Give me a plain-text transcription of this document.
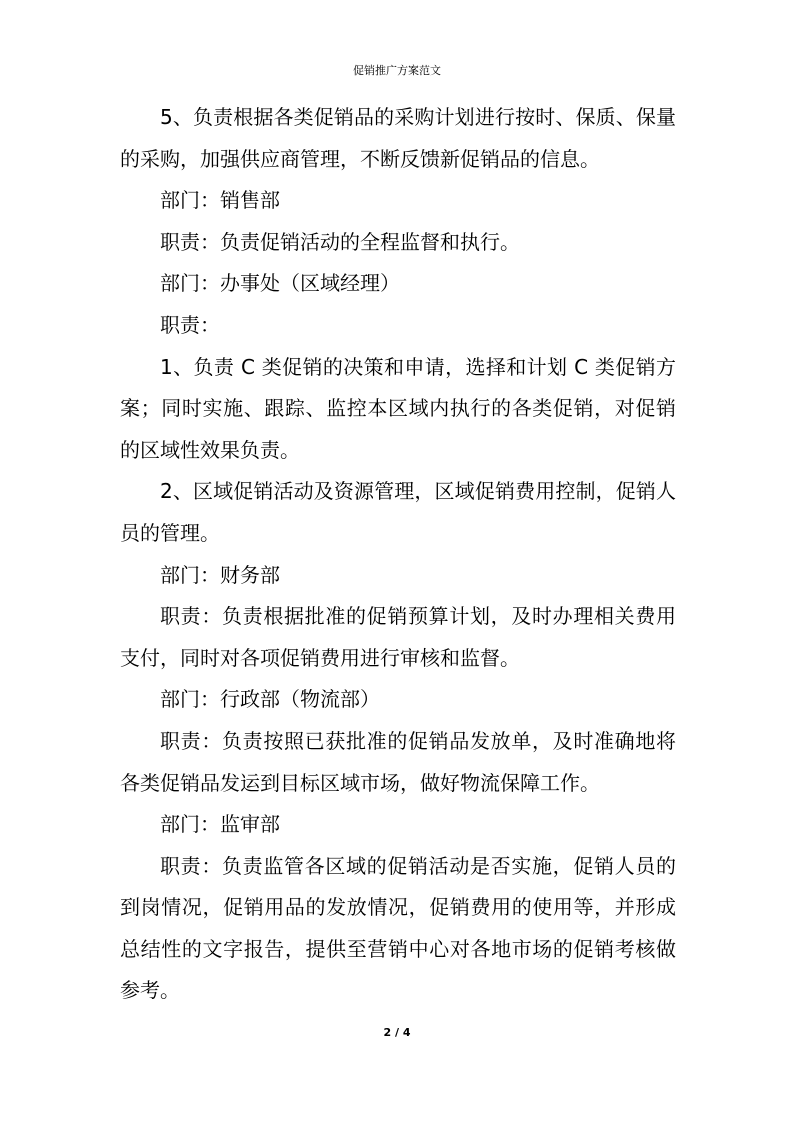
促销推广方案范文

5、负责根据各类促销品的采购计划进行按时、保质、保量的采购，加强供应商管理，不断反馈新促销品的信息。

部门：销售部

职责：负责促销活动的全程监督和执行。

部门：办事处（区域经理）

职责：

1、负责 C 类促销的决策和申请，选择和计划 C 类促销方案；同时实施、跟踪、监控本区域内执行的各类促销，对促销的区域性效果负责。

2、区域促销活动及资源管理，区域促销费用控制，促销人员的管理。

部门：财务部

职责：负责根据批准的促销预算计划，及时办理相关费用支付，同时对各项促销费用进行审核和监督。

部门：行政部（物流部）

职责：负责按照已获批准的促销品发放单，及时准确地将各类促销品发运到目标区域市场，做好物流保障工作。

部门：监审部

职责：负责监管各区域的促销活动是否实施，促销人员的到岗情况，促销用品的发放情况，促销费用的使用等，并形成总结性的文字报告，提供至营销中心对各地市场的促销考核做参考。

2 / 4
